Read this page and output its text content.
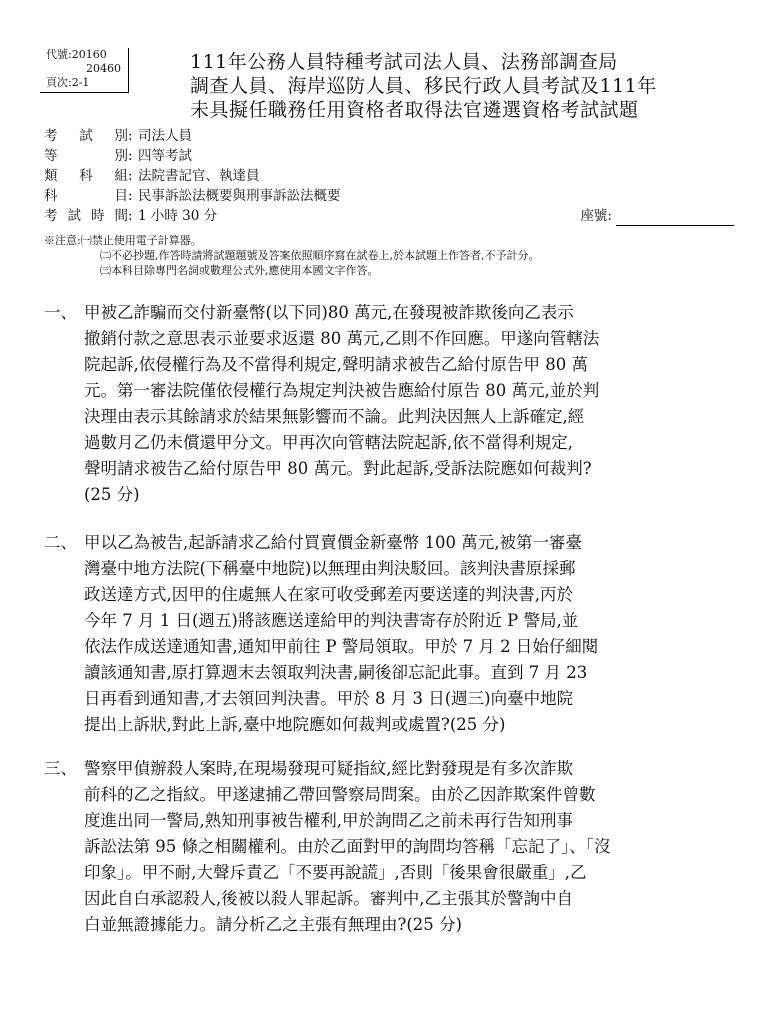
代號:20160
20460
頁次:2-1
111年公務人員特種考試司法人員、法務部調查局
調查人員、海岸巡防人員、移民行政人員考試及111年
未具擬任職務任用資格者取得法官遴選資格考試試題
考 試 別 : 司法人員
等	別 : 四等考試
類 科 組 : 法院書記官、執達員
科	目 : 民事訴訟法概要與刑事訴訟法概要
考 試 時 間 : 1 小時 30 分	座號:
※注意:㈠禁止使用電子計算器。
㈡不必抄題,作答時請將試題題號及答案依照順序寫在試卷上,於本試題上作答者,不予計分。
㈢本科目除專門名詞或數理公式外,應使用本國文字作答。
一、 甲被乙詐騙而交付新臺幣(以下同)80 萬元,在發現被詐欺後向乙表示
撤銷付款之意思表示並要求返還 80 萬元,乙則不作回應。甲遂向管轄法
院起訴,依侵權行為及不當得利規定,聲明請求被告乙給付原告甲 80 萬
元。第一審法院僅依侵權行為規定判決被告應給付原告 80 萬元,並於判
決理由表示其餘請求於結果無影響而不論。此判決因無人上訴確定,經
過數月乙仍未償還甲分文。甲再次向管轄法院起訴,依不當得利規定,
聲明請求被告乙給付原告甲 80 萬元。對此起訴,受訴法院應如何裁判?
(25 分)
二、 甲以乙為被告,起訴請求乙給付買賣價金新臺幣 100 萬元,被第一審臺
灣臺中地方法院(下稱臺中地院)以無理由判決駁回。該判決書原採郵
政送達方式,因甲的住處無人在家可收受郵差丙要送達的判決書,丙於
今年 7 月 1 日(週五)將該應送達給甲的判決書寄存於附近 P 警局,並
依法作成送達通知書,通知甲前往 P 警局領取。甲於 7 月 2 日始仔細閱
讀該通知書,原打算週末去領取判決書,嗣後卻忘記此事。直到 7 月 23
日再看到通知書,才去領回判決書。甲於 8 月 3 日(週三)向臺中地院
提出上訴狀,對此上訴,臺中地院應如何裁判或處置?(25 分)
三、 警察甲偵辦殺人案時,在現場發現可疑指紋,經比對發現是有多次詐欺
前科的乙之指紋。甲遂逮捕乙帶回警察局問案。由於乙因詐欺案件曾數
度進出同一警局,熟知刑事被告權利,甲於詢問乙之前未再行告知刑事
訴訟法第 95 條之相關權利。由於乙面對甲的詢問均答稱「忘記了」、「沒
印象」。甲不耐,大聲斥責乙「不要再說謊」,否則「後果會很嚴重」,乙
因此自白承認殺人,後被以殺人罪起訴。審判中,乙主張其於警詢中自
白並無證據能力。請分析乙之主張有無理由?(25 分)
